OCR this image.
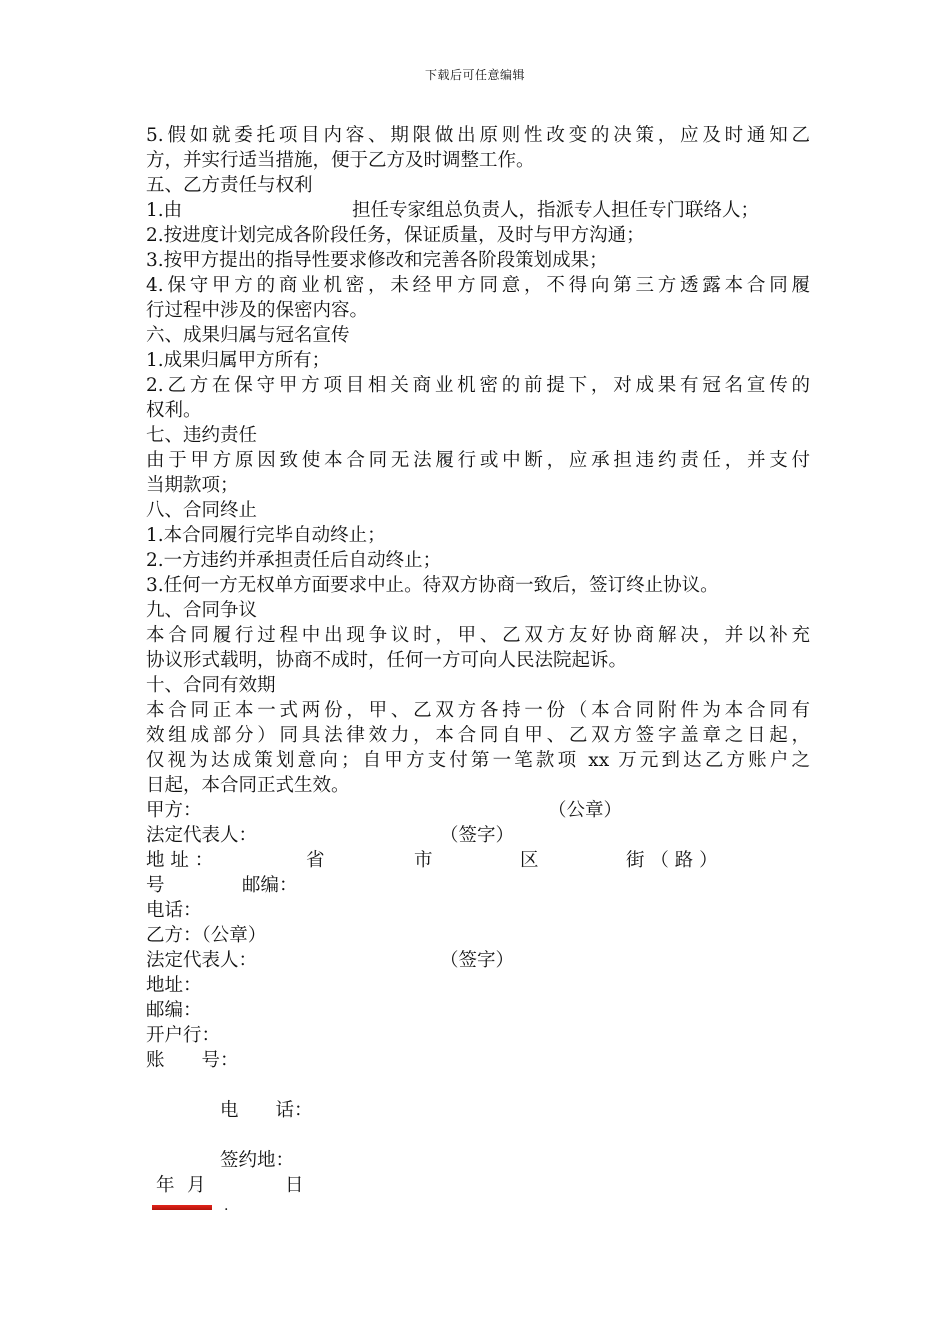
下载后可任意编辑
5.假如就委托项目内容、期限做出原则性改变的决策，应及时通知乙
方，并实行适当措施，便于乙方及时调整工作。
五、乙方责任与权利
1.由	担任专家组总负责人，指派专人担任专门联络人；
2.按进度计划完成各阶段任务，保证质量，及时与甲方沟通；
3.按甲方提出的指导性要求修改和完善各阶段策划成果；
4.保守甲方的商业机密，未经甲方同意，不得向第三方透露本合同履
行过程中涉及的保密内容。
六、成果归属与冠名宣传
1.成果归属甲方所有；
2.乙方在保守甲方项目相关商业机密的前提下，对成果有冠名宣传的
权利。
七、违约责任
由于甲方原因致使本合同无法履行或中断，应承担违约责任，并支付
当期款项；
八、合同终止
1.本合同履行完毕自动终止；
2.一方违约并承担责任后自动终止；
3.任何一方无权单方面要求中止。待双方协商一致后，签订终止协议。
九、合同争议
本合同履行过程中出现争议时，甲、乙双方友好协商解决，并以补充
协议形式载明，协商不成时，任何一方可向人民法院起诉。
十、合同有效期
本合同正本一式两份，甲、乙双方各持一份（本合同附件为本合同有
效组成部分）同具法律效力，本合同自甲、乙双方签字盖章之日起，
仅视为达成策划意向；自甲方支付第一笔款项 xx 万元到达乙方账户之
日起，本合同正式生效。
甲方：	（公章）
法定代表人：	（签字）
地 址 ：	省	市	区	街 （ 路 ）
号	邮编：
电话：
乙方：（公章）
法定代表人：	（签字）
地址：
邮编：
开户行：
账　　号：
电　　话：
签约地：
年 月	日
.
